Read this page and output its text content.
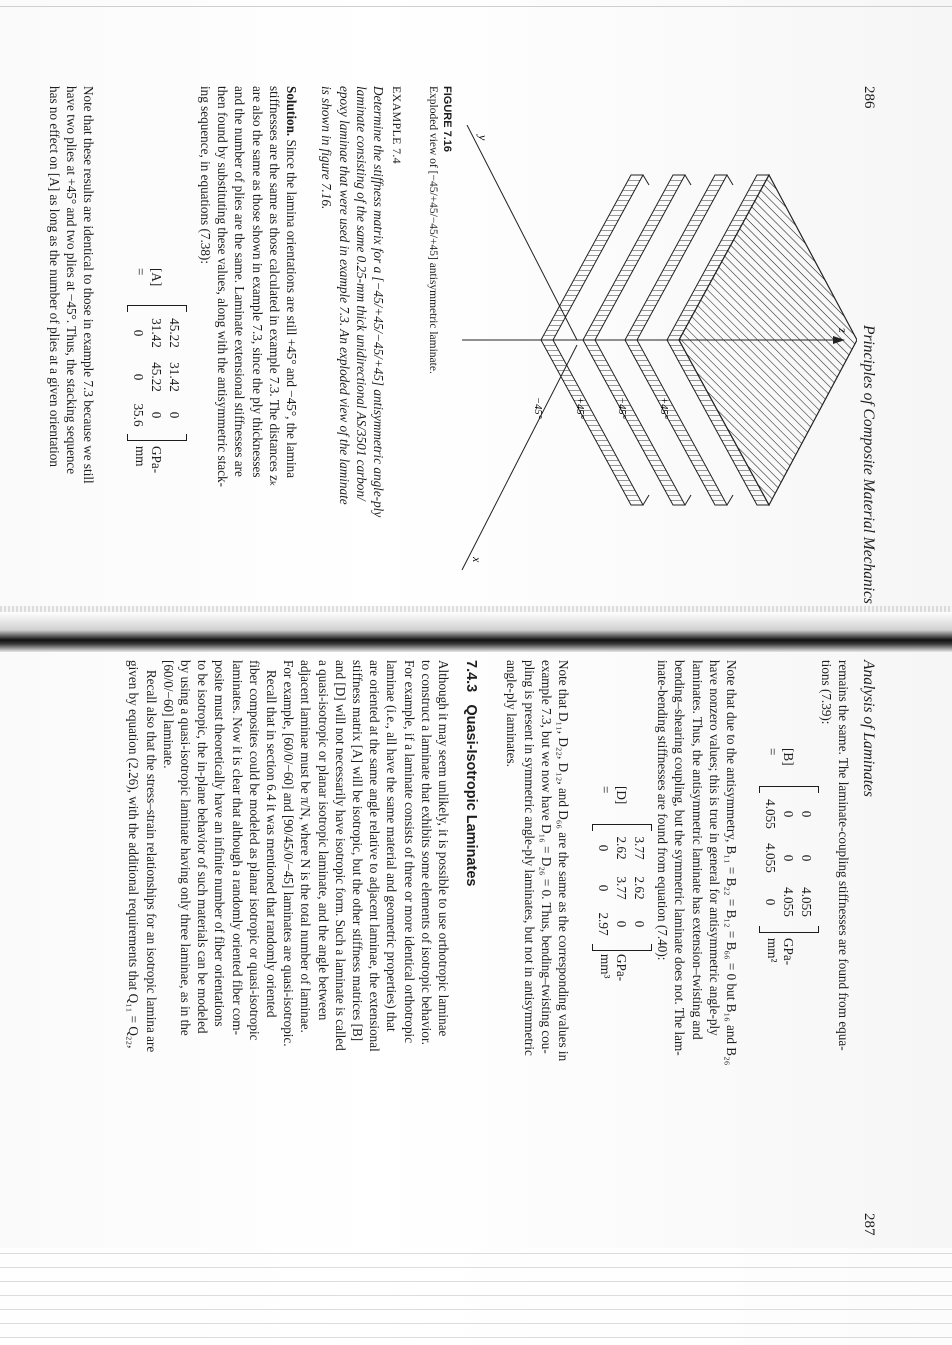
286
Principles of Composite Material Mechanics
x
y
+45°
−45°
+45°
−45°
FIGURE 7.16
Exploded view of [−45/+45/−45/+45] antisymmetric laminate.
EXAMPLE 7.4
Determine the stiffness matrix for a [−45/+45/−45/+45] antisymmetric angle-ply
laminate consisting of the same 0.25-mm thick unidirectional AS/3501 carbon/
epoxy laminae that were used in example 7.3. An exploded view of the laminate
is shown in figure 7.16.
Solution. Since the lamina orientations are still +45° and −45°, the lamina
stiffnesses are the same as those calculated in example 7.3. The distances zₖ
are also the same as those shown in example 7.3, since the ply thicknesses
and the number of plies are the same. Laminate extensional stiffnesses are
then found by substituting these values, along with the antisymmetric stack-
ing sequence, in equations (7.38):
[A] =
45.22
31.42
0
31.42
45.22
0
0
0
35.6
GPa-mm
Note that these results are identical to those in example 7.3 because we still
have two plies at +45° and two plies at −45°. Thus, the stacking sequence
has no effect on [A] as long as the number of plies at a given orientation
Analysis of Laminates
287
remains the same. The laminate-coupling stiffnesses are found from equa-
tions (7.39):
[B] =
0
0
4.055
0
0
4.055
4.055
4.055
0
GPa-mm²
Note that due to the antisymmetry, B₁₁ = B₂₂ = B₁₂ = B₆₆ = 0 but B₁₆ and B₂₆
have nonzero values; this is true in general for antisymmetric angle-ply
laminates. Thus, the antisymmetric laminate has extension–twisting and
bending–shearing coupling, but the symmetric laminate does not. The lam-
inate-bending stiffnesses are found from equation (7.40):
[D] =
3.77
2.62
0
2.62
3.77
0
0
0
2.97
GPa-mm³
Note that D₁₁, D₂₂, D₁₂, and D₆₆ are the same as the corresponding values in
example 7.3, but we now have D₁₆ = D₂₆ = 0. Thus, bending–twisting cou-
pling is present in symmetric angle-ply laminates, but not in antisymmetric
angle-ply laminates.
7.4.3   Quasi-Isotropic Laminates
Although it may seem unlikely, it is possible to use orthotropic laminae
to construct a laminate that exhibits some elements of isotropic behavior.
For example, if a laminate consists of three or more identical orthotropic
laminae (i.e., all have the same material and geometric properties) that
are oriented at the same angle relative to adjacent laminae, the extensional
stiffness matrix [A] will be isotropic, but the other stiffness matrices [B]
and [D] will not necessarily have isotropic form. Such a laminate is called
a quasi-isotropic or planar isotropic laminate, and the angle between
adjacent laminae must be π/N, where N is the total number of laminae.
For example, [60/0/−60] and [90/45/0/−45] laminates are quasi-isotropic.
Recall that in section 6.4 it was mentioned that randomly oriented
fiber composites could be modeled as planar isotropic or quasi-isotropic
laminates. Now it is clear that although a randomly oriented fiber com-
posite must theoretically have an infinite number of fiber orientations
to be isotropic, the in-plane behavior of such materials can be modeled
by using a quasi-isotropic laminate having only three laminae, as in the
[60/0/−60] laminate.
Recall also that the stress–strain relationships for an isotropic lamina are
given by equation (2.26), with the additional requirements that Q₁₁ = Q₂₂,
